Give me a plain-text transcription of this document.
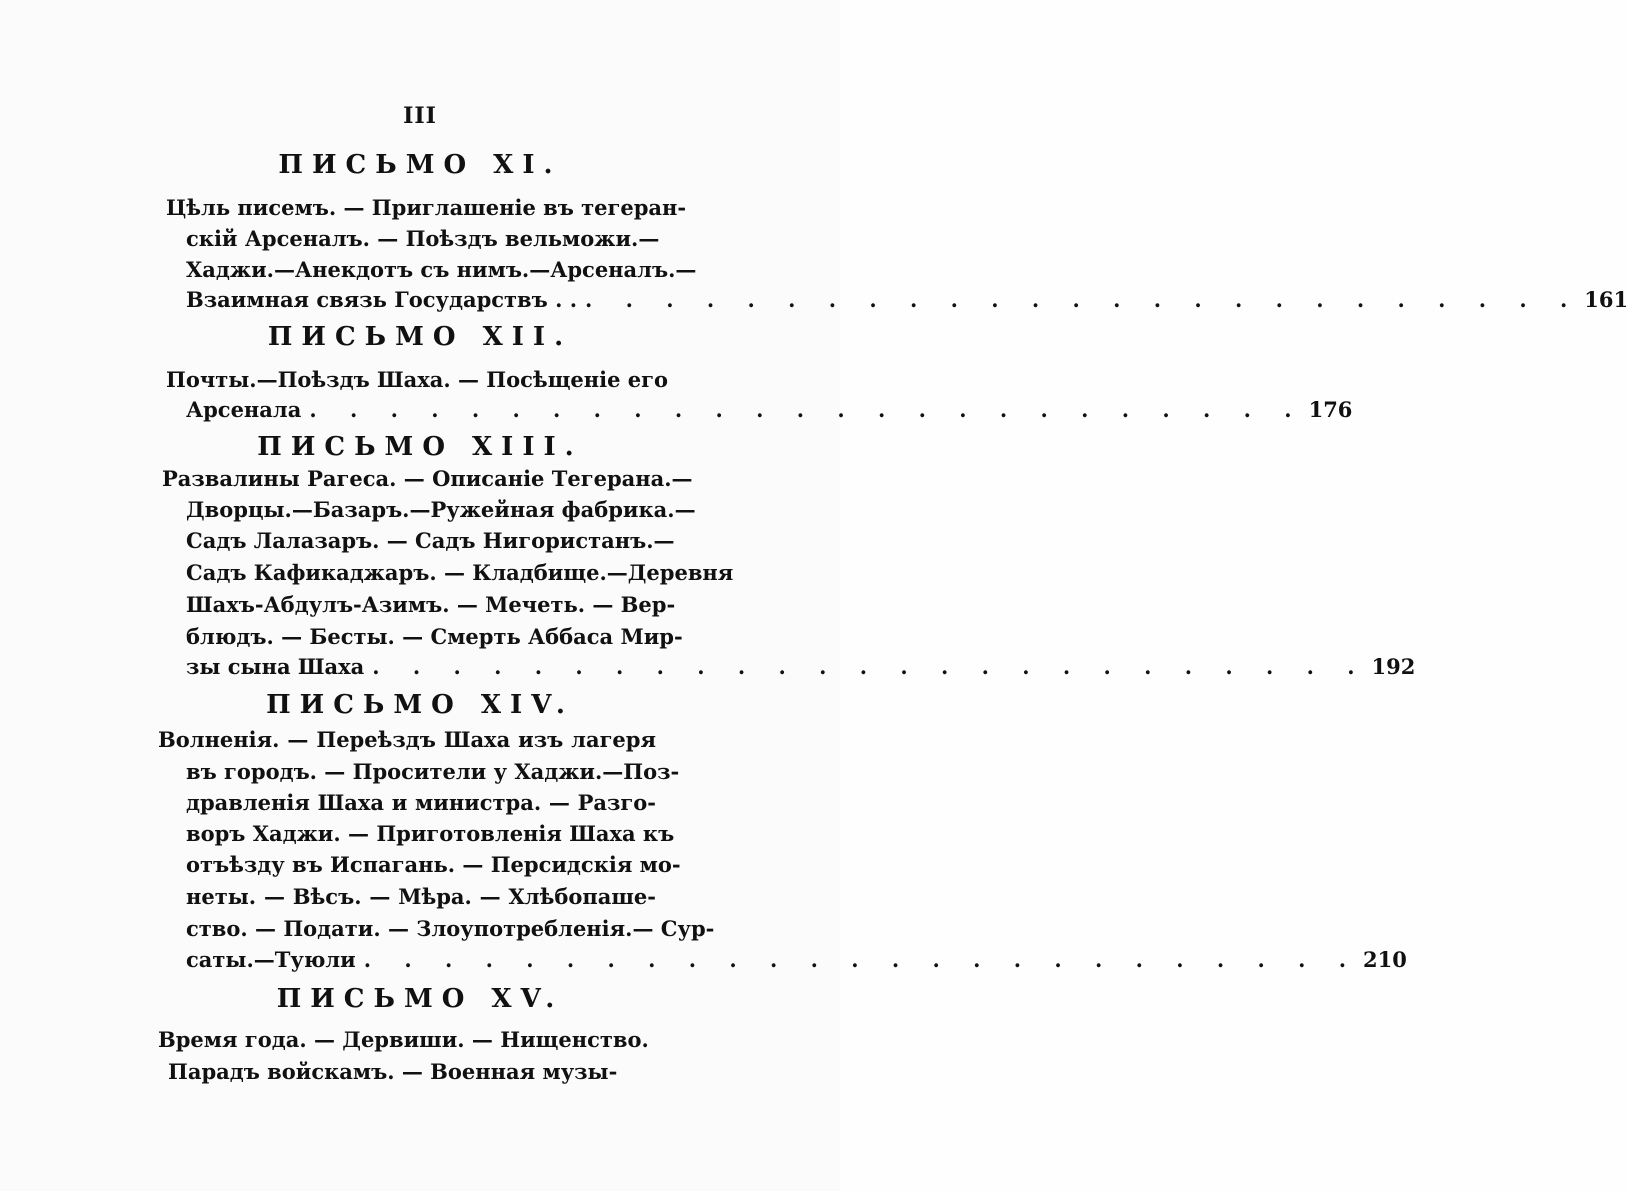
III
ПИСЬМО XI.
Цѣль писемъ. — Приглашеніе въ тегеран-
скій Арсеналъ. — Поѣздъ вельможи.—
Хаджи.—Анекдотъ съ нимъ.—Арсеналъ.—
Взаимная связь Государствъ . . . . . . . . . . . . . . . . . . . . . . . . . . . 161
ПИСЬМО XII.
Почты.—Поѣздъ Шаха. — Посѣщеніе его
Арсенала . . . . . . . . . . . . . . . . . . . . . . . . . 176
ПИСЬМО XIII.
Развалины Рагеса. — Описаніе Тегерана.—
Дворцы.—Базаръ.—Ружейная фабрика.—
Садъ Лалазаръ. — Садъ Нигористанъ.—
Садъ Кафикаджаръ. — Кладбище.—Деревня
Шахъ-Абдулъ-Азимъ. — Мечеть. — Вер-
блюдъ. — Бесты. — Смерть Аббаса Мир-
зы сына Шаха . . . . . . . . . . . . . . . . . . . . . . . . . 192
ПИСЬМО XIV.
Волненія. — Переѣздъ Шаха изъ лагеря
въ городъ. — Просители у Хаджи.—Поз-
дравленія Шаха и министра. — Разго-
воръ Хаджи. — Приготовленія Шаха къ
отъѣзду въ Испагань. — Персидскія мо-
неты. — Вѣсъ. — Мѣра. — Хлѣбопаше-
ство. — Подати. — Злоупотребленія.— Сур-
саты.—Туюли . . . . . . . . . . . . . . . . . . . . . . . . . 210
ПИСЬМО XV.
Время года. — Дервиши. — Нищенство.
Парадъ войскамъ. — Военная музы-
